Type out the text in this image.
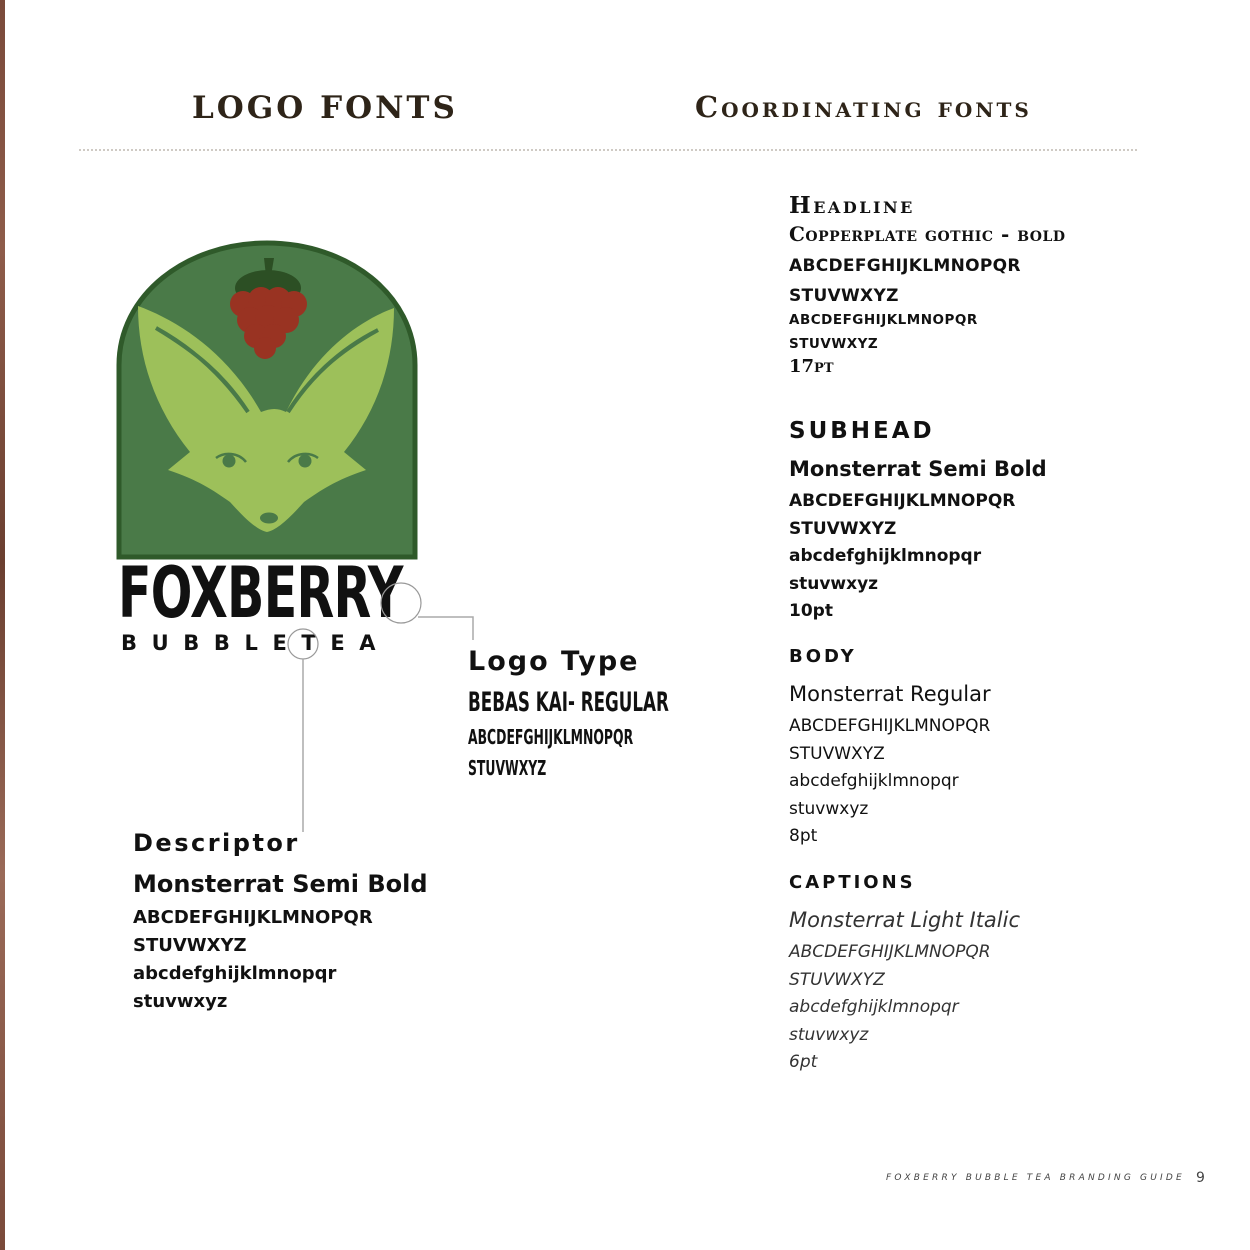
LOGO FONTS	Coordinating fonts
FOXBERRY
BUBBLETEA
Logo Type
BEBAS KAI- REGULAR
ABCDEFGHIJKLMNOPQR
STUVWXYZ
Descriptor
Monsterrat Semi Bold
ABCDEFGHIJKLMNOPQR
STUVWXYZ
abcdefghijklmnopqr
stuvwxyz
Headline
Copperplate gothic - bold
ABCDEFGHIJKLMNOPQR
STUVWXYZ
ABCDEFGHIJKLMNOPQR
STUVWXYZ
17pt
SUBHEAD
Monsterrat Semi Bold
ABCDEFGHIJKLMNOPQR
STUVWXYZ
abcdefghijklmnopqr
stuvwxyz
10pt
BODY
Monsterrat Regular
ABCDEFGHIJKLMNOPQR
STUVWXYZ
abcdefghijklmnopqr
stuvwxyz
8pt
CAPTIONS
Monsterrat Light Italic
ABCDEFGHIJKLMNOPQR
STUVWXYZ
abcdefghijklmnopqr
stuvwxyz
6pt
FOXBERRY BUBBLE TEA BRANDING GUIDE 9
